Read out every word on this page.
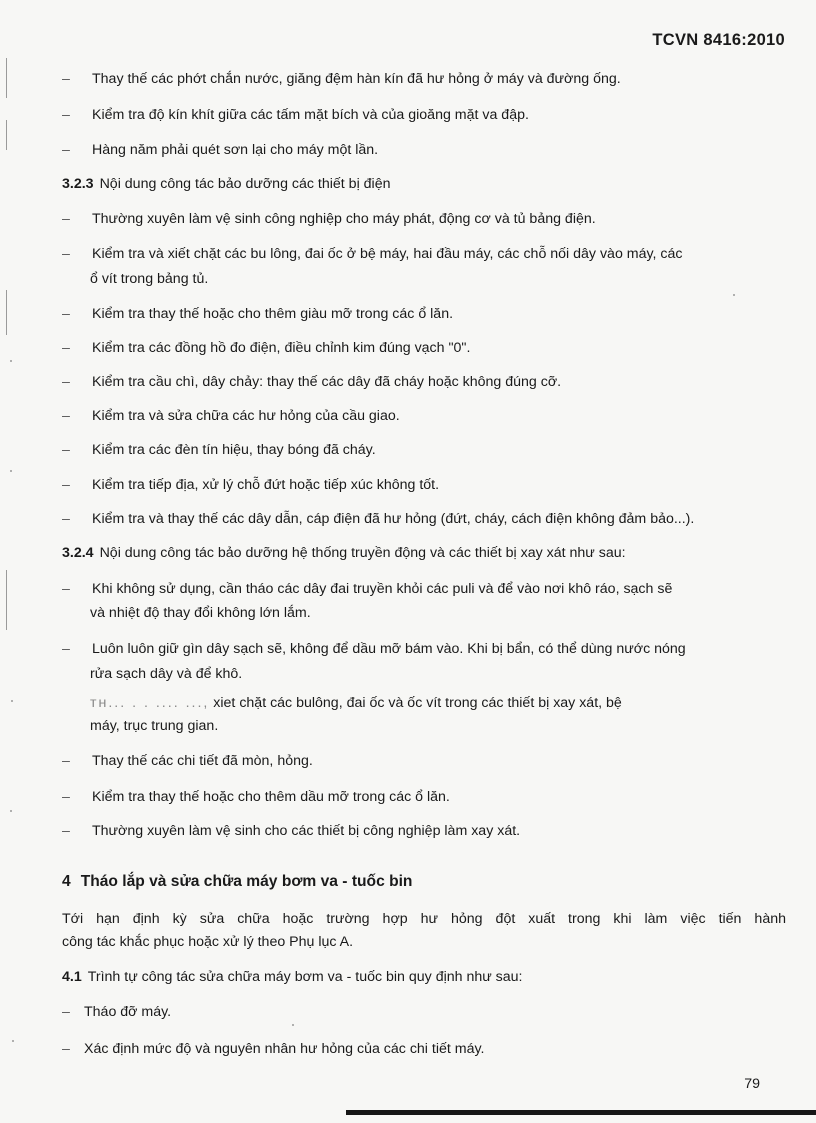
TCVN 8416:2010
– Thay thế các phớt chắn nước, giăng đệm hàn kín đã hư hỏng ở máy và đường ống.
– Kiểm tra độ kín khít giữa các tấm mặt bích và của gioăng mặt va đập.
– Hàng năm phải quét sơn lại cho máy một lần.
3.2.3 Nội dung công tác bảo dưỡng các thiết bị điện
– Thường xuyên làm vệ sinh công nghiệp cho máy phát, động cơ và tủ bảng điện.
– Kiểm tra và xiết chặt các bu lông, đai ốc ở bệ máy, hai đầu máy, các chỗ nối dây vào máy, các
ổ vít trong bảng tủ.
– Kiểm tra thay thế hoặc cho thêm giàu mỡ trong các ổ lăn.
– Kiểm tra các đồng hồ đo điện, điều chỉnh kim đúng vạch "0".
– Kiểm tra cầu chì, dây chảy: thay thế các dây đã cháy hoặc không đúng cỡ.
– Kiểm tra và sửa chữa các hư hỏng của cầu giao.
– Kiểm tra các đèn tín hiệu, thay bóng đã cháy.
– Kiểm tra tiếp địa, xử lý chỗ đứt hoặc tiếp xúc không tốt.
– Kiểm tra và thay thế các dây dẫn, cáp điện đã hư hỏng (đứt, cháy, cách điện không đảm bảo...).
3.2.4 Nội dung công tác bảo dưỡng hệ thống truyền động và các thiết bị xay xát như sau:
– Khi không sử dụng, cần tháo các dây đai truyền khỏi các puli và để vào nơi khô ráo, sạch sẽ
và nhiệt độ thay đổi không lớn lắm.
– Luôn luôn giữ gìn dây sạch sẽ, không để dầu mỡ bám vào. Khi bị bẩn, có thể dùng nước nóng
rửa sạch dây và để khô.
ᴛʜ... . . .... ..., xiet chặt các bulông, đai ốc và ốc vít trong các thiết bị xay xát, bệ
máy, trục trung gian.
– Thay thế các chi tiết đã mòn, hỏng.
– Kiểm tra thay thế hoặc cho thêm dầu mỡ trong các ổ lăn.
– Thường xuyên làm vệ sinh cho các thiết bị công nghiệp làm xay xát.
4 Tháo lắp và sửa chữa máy bơm va - tuốc bin
Tới hạn định kỳ sửa chữa hoặc trường hợp hư hỏng đột xuất trong khi làm việc tiến hành
công tác khắc phục hoặc xử lý theo Phụ lục A.
4.1 Trình tự công tác sửa chữa máy bơm va - tuốc bin quy định như sau:
– Tháo đỡ máy.
– Xác định mức độ và nguyên nhân hư hỏng của các chi tiết máy.
79
